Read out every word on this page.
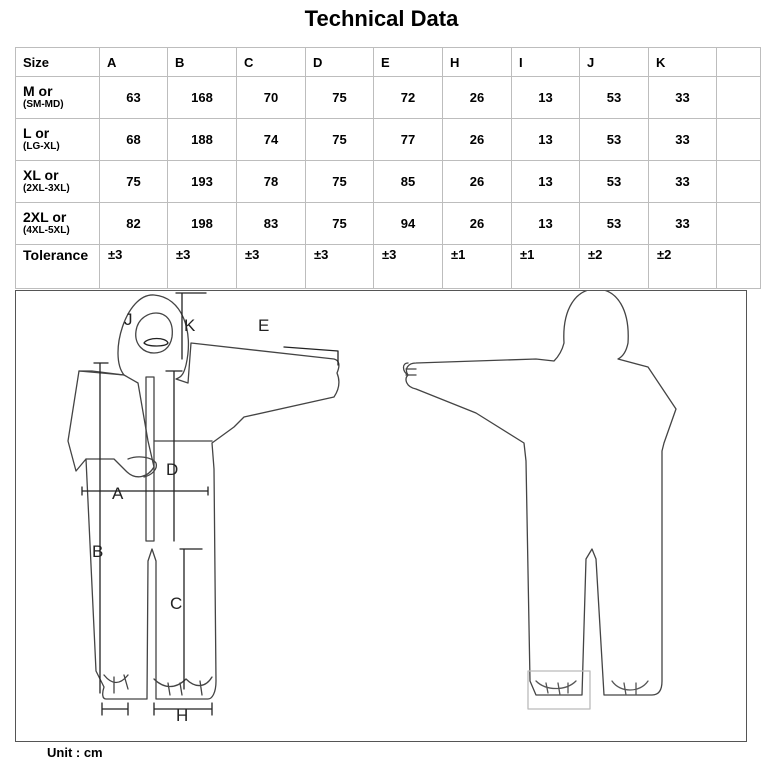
Technical Data
Size	A	B	C	D	E	H	I	J	K	

M or
(SM-MD)	63	168	70	75	72	26	13	53	33	

L or
(LG-XL)	68	188	74	75	77	26	13	53	33	

XL or
(2XL-3XL)	75	193	78	75	85	26	13	53	33	

2XL or
(4XL-5XL)	82	198	83	75	94	26	13	53	33	
Tolerance	±3	±3	±3	±3	±3	±1	±1	±2	±2	
J	K	E
D
A
B
C
H
Unit : cm
